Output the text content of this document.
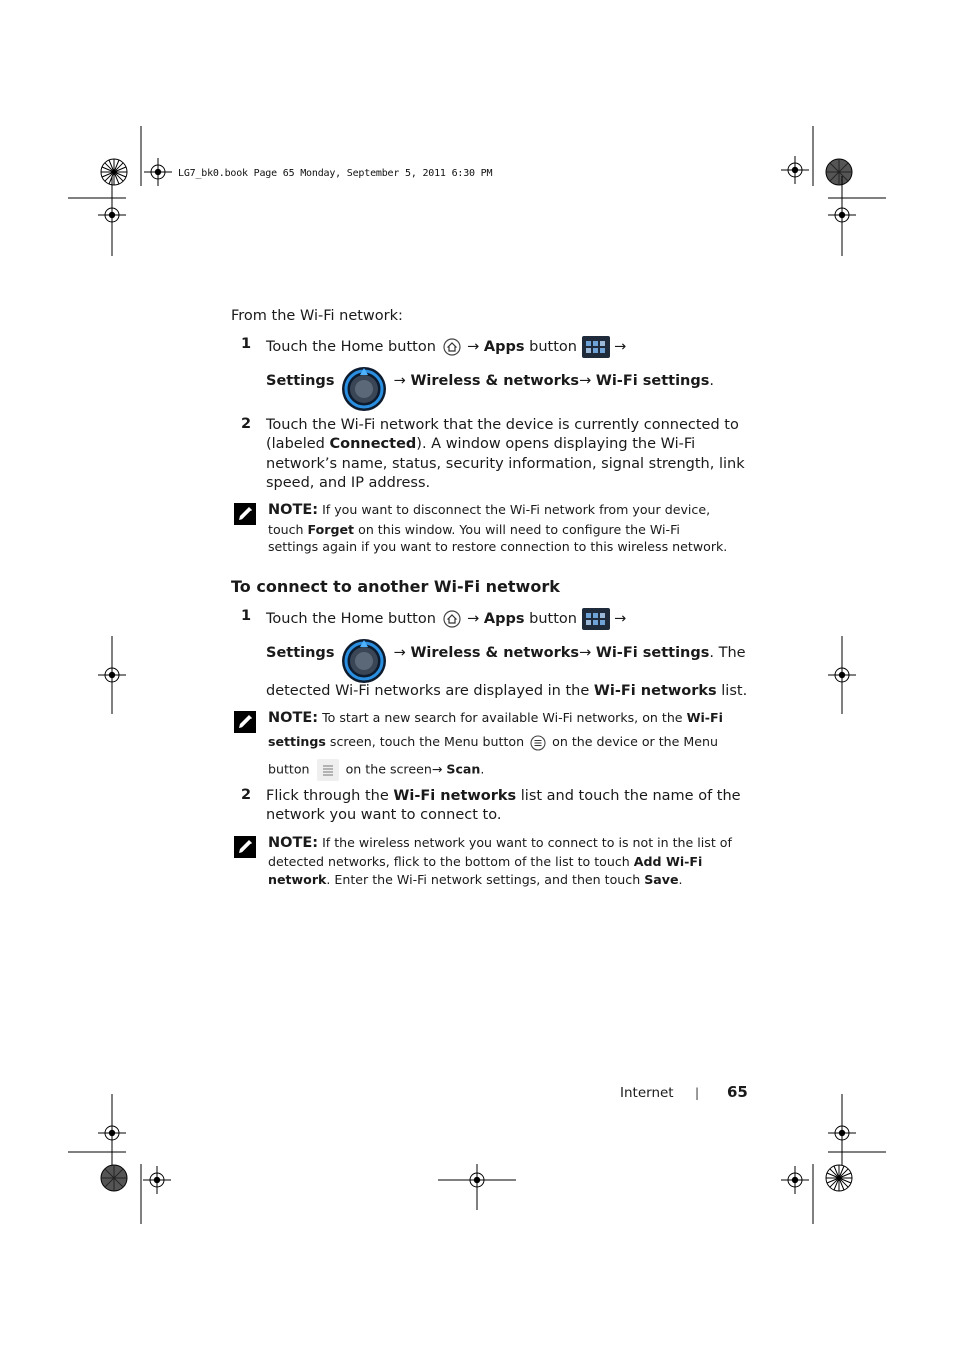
LG7_bk0.book Page 65 Monday, September 5, 2011 6:30 PM
From the Wi-Fi network:
1 Touch the Home button → Apps button	→
Settings	→ Wireless & networks→ Wi-Fi settings.
2 Touch the Wi-Fi network that the device is currently connected to
(labeled Connected). A window opens displaying the Wi-Fi
network’s name, status, security information, signal strength, link
speed, and IP address.
NOTE: If you want to disconnect the Wi-Fi network from your device,
touch Forget on this window. You will need to configure the Wi-Fi
settings again if you want to restore connection to this wireless network.
To connect to another Wi-Fi network
1 Touch the Home button → Apps button	→
Settings	→ Wireless & networks→ Wi-Fi settings. The
detected Wi-Fi networks are displayed in the Wi-Fi networks list.
NOTE: To start a new search for available Wi-Fi networks, on the Wi-Fi
settings screen, touch the Menu button on the device or the Menu
button	on the screen→ Scan.
2 Flick through the Wi-Fi networks list and touch the name of the
network you want to connect to.
NOTE: If the wireless network you want to connect to is not in the list of
detected networks, flick to the bottom of the list to touch Add Wi-Fi
network. Enter the Wi-Fi network settings, and then touch Save.
Internet | 65
